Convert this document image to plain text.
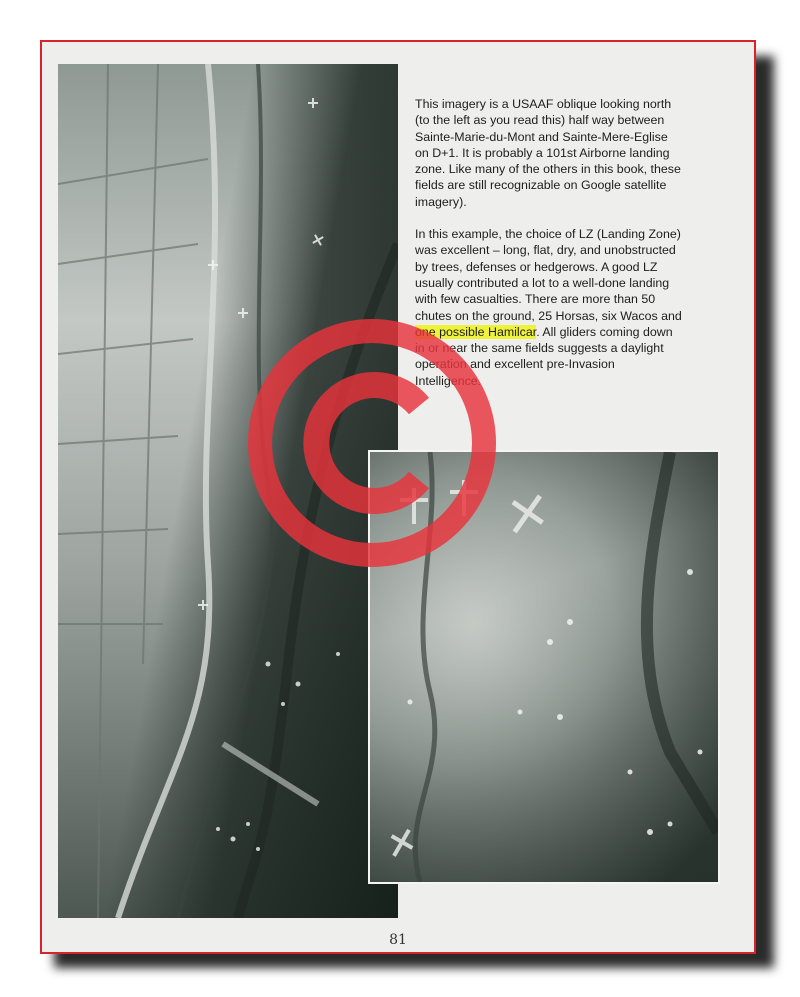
This imagery is a USAAF oblique looking north (to the left as you read this) half way between Sainte-Marie-du-Mont and Sainte-Mere-Eglise on D+1. It is probably a 101st Airborne landing zone. Like many of the others in this book, these fields are still recognizable on Google satellite imagery).

In this example, the choice of LZ (Landing Zone) was excellent – long, flat, dry, and unobstructed by trees, defenses or hedgerows. A good LZ usually contributed a lot to a well-done landing with few casualties. There are more than 50 chutes on the ground, 25 Horsas, six Wacos and one possible Hamilcar. All gliders coming down in or near the same fields suggests a daylight operation and excellent pre-Invasion Intelligence.

81
